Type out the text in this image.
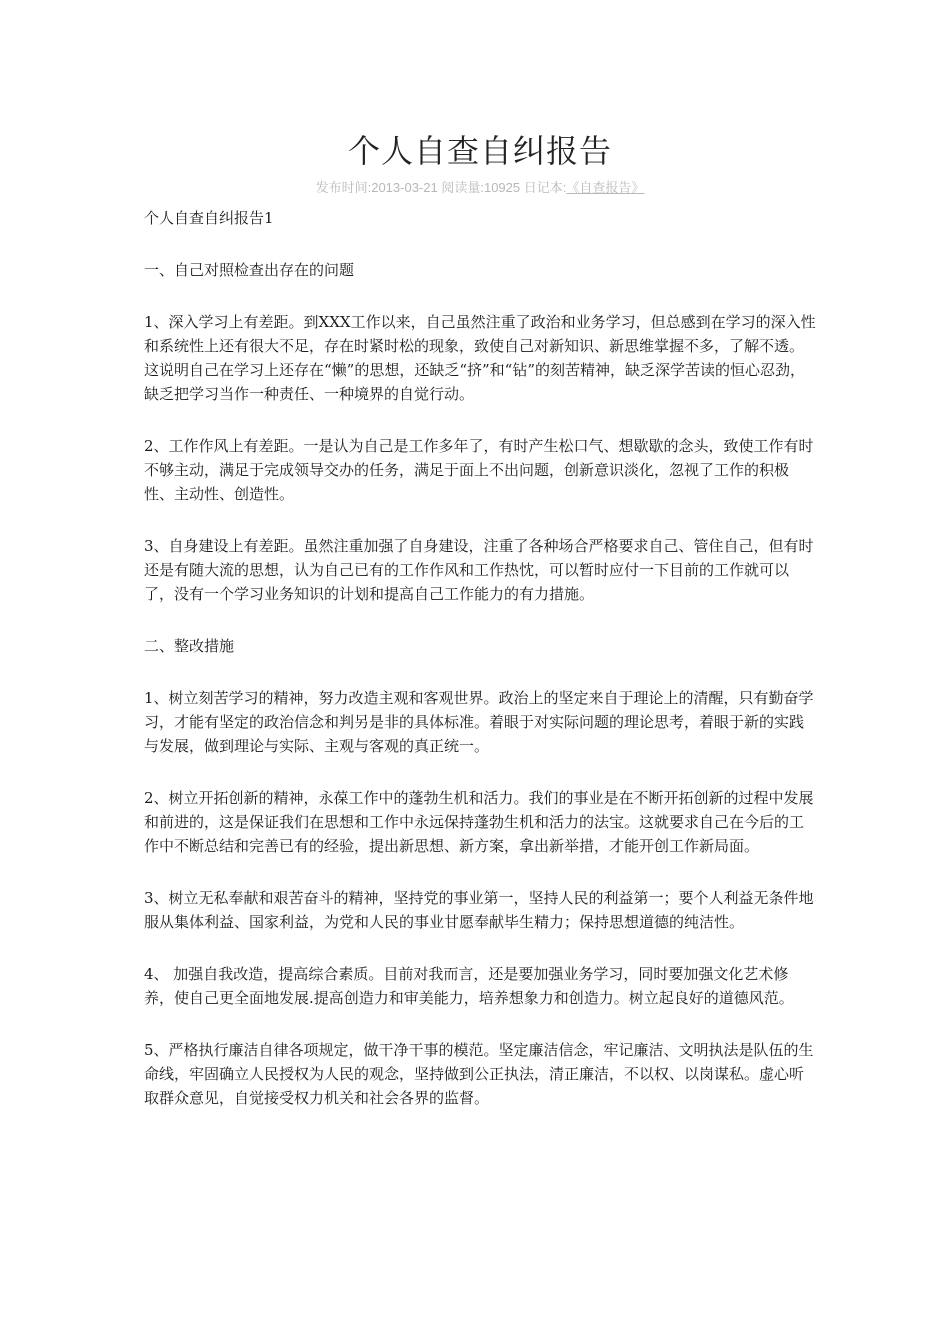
个人自查自纠报告
发布时间:2013-03-21 阅读量:10925 日记本:《自查报告》

个人自查自纠报告1

一、自己对照检查出存在的问题

1、深入学习上有差距。到XXX工作以来，自己虽然注重了政治和业务学习，但总感到在学习的深入性和系统性上还有很大不足，存在时紧时松的现象，致使自己对新知识、新思维掌握不多，了解不透。这说明自己在学习上还存在“懒”的思想，还缺乏“挤”和“钻”的刻苦精神，缺乏深学苦读的恒心忍劲，缺乏把学习当作一种责任、一种境界的自觉行动。

2、工作作风上有差距。一是认为自己是工作多年了，有时产生松口气、想歇歇的念头，致使工作有时不够主动，满足于完成领导交办的任务，满足于面上不出问题，创新意识淡化，忽视了工作的积极性、主动性、创造性。

3、自身建设上有差距。虽然注重加强了自身建设，注重了各种场合严格要求自己、管住自己，但有时还是有随大流的思想，认为自己已有的工作作风和工作热忱，可以暂时应付一下目前的工作就可以了，没有一个学习业务知识的计划和提高自己工作能力的有力措施。

二、整改措施

1、树立刻苦学习的精神，努力改造主观和客观世界。政治上的坚定来自于理论上的清醒，只有勤奋学习，才能有坚定的政治信念和判另是非的具体标准。着眼于对实际问题的理论思考，着眼于新的实践与发展，做到理论与实际、主观与客观的真正统一。

2、树立开拓创新的精神，永葆工作中的蓬勃生机和活力。我们的事业是在不断开拓创新的过程中发展和前进的，这是保证我们在思想和工作中永远保持蓬勃生机和活力的法宝。这就要求自己在今后的工作中不断总结和完善已有的经验，提出新思想、新方案，拿出新举措，才能开创工作新局面。

3、树立无私奉献和艰苦奋斗的精神，坚持党的事业第一，坚持人民的利益第一；要个人利益无条件地服从集体利益、国家利益，为党和人民的事业甘愿奉献毕生精力；保持思想道德的纯洁性。

4、 加强自我改造，提高综合素质。目前对我而言，还是要加强业务学习，同时要加强文化艺术修养，使自己更全面地发展.提高创造力和审美能力，培养想象力和创造力。树立起良好的道德风范。

5、严格执行廉洁自律各项规定，做干净干事的模范。坚定廉洁信念，牢记廉洁、文明执法是队伍的生命线，牢固确立人民授权为人民的观念，坚持做到公正执法，清正廉洁，不以权、以岗谋私。虚心听取群众意见，自觉接受权力机关和社会各界的监督。
